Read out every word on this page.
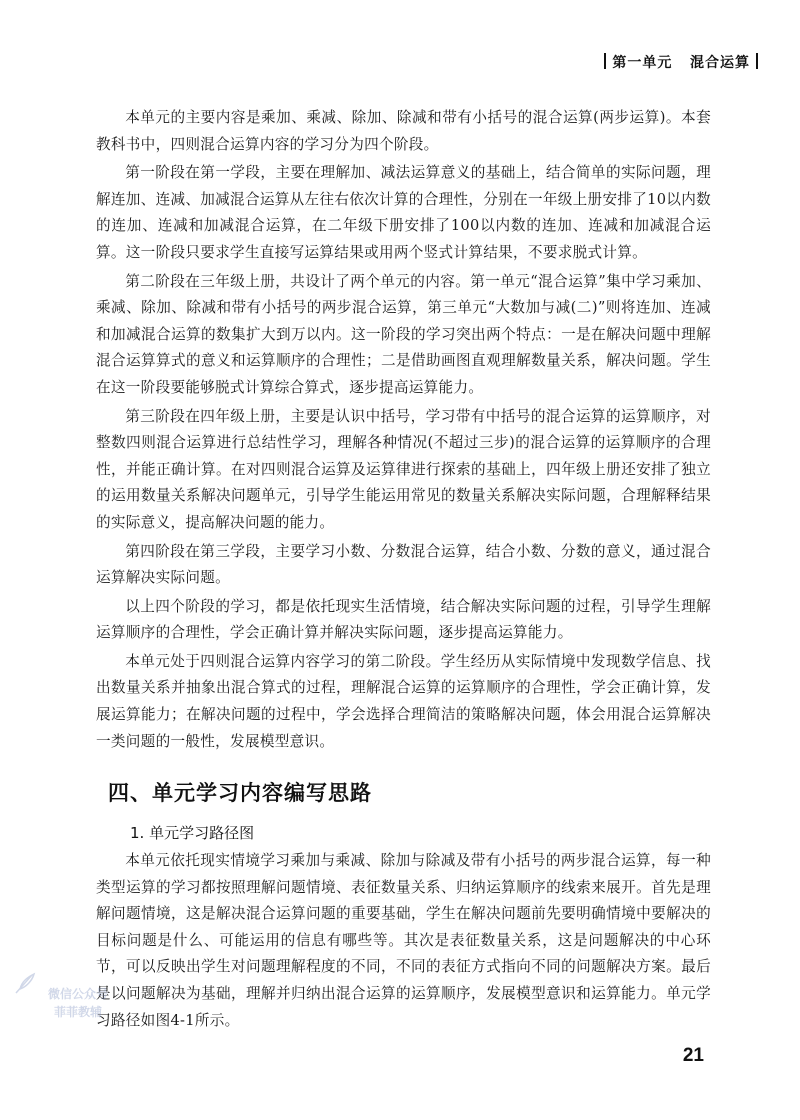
第一单元 混合运算

本单元的主要内容是乘加、乘减、除加、除减和带有小括号的混合运算(两步运算)。本套教科书中，四则混合运算内容的学习分为四个阶段。

第一阶段在第一学段，主要在理解加、减法运算意义的基础上，结合简单的实际问题，理解连加、连减、加减混合运算从左往右依次计算的合理性，分别在一年级上册安排了10以内数的连加、连减和加减混合运算，在二年级下册安排了100以内数的连加、连减和加减混合运算。这一阶段只要求学生直接写运算结果或用两个竖式计算结果，不要求脱式计算。

第二阶段在三年级上册，共设计了两个单元的内容。第一单元“混合运算”集中学习乘加、乘减、除加、除减和带有小括号的两步混合运算，第三单元“大数加与减(二)”则将连加、连减和加减混合运算的数集扩大到万以内。这一阶段的学习突出两个特点：一是在解决问题中理解混合运算算式的意义和运算顺序的合理性；二是借助画图直观理解数量关系，解决问题。学生在这一阶段要能够脱式计算综合算式，逐步提高运算能力。

第三阶段在四年级上册，主要是认识中括号，学习带有中括号的混合运算的运算顺序，对整数四则混合运算进行总结性学习，理解各种情况(不超过三步)的混合运算的运算顺序的合理性，并能正确计算。在对四则混合运算及运算律进行探索的基础上，四年级上册还安排了独立的运用数量关系解决问题单元，引导学生能运用常见的数量关系解决实际问题，合理解释结果的实际意义，提高解决问题的能力。

第四阶段在第三学段，主要学习小数、分数混合运算，结合小数、分数的意义，通过混合运算解决实际问题。

以上四个阶段的学习，都是依托现实生活情境，结合解决实际问题的过程，引导学生理解运算顺序的合理性，学会正确计算并解决实际问题，逐步提高运算能力。

本单元处于四则混合运算内容学习的第二阶段。学生经历从实际情境中发现数学信息、找出数量关系并抽象出混合算式的过程，理解混合运算的运算顺序的合理性，学会正确计算，发展运算能力；在解决问题的过程中，学会选择合理简洁的策略解决问题，体会用混合运算解决一类问题的一般性，发展模型意识。

四、单元学习内容编写思路
1. 单元学习路径图

本单元依托现实情境学习乘加与乘减、除加与除减及带有小括号的两步混合运算，每一种类型运算的学习都按照理解问题情境、表征数量关系、归纳运算顺序的线索来展开。首先是理解问题情境，这是解决混合运算问题的重要基础，学生在解决问题前先要明确情境中要解决的目标问题是什么、可能运用的信息有哪些等。其次是表征数量关系，这是问题解决的中心环节，可以反映出学生对问题理解程度的不同，不同的表征方式指向不同的问题解决方案。最后是以问题解决为基础，理解并归纳出混合运算的运算顺序，发展模型意识和运算能力。单元学习路径如图4-1所示。

微信公众号
菲菲教辅
21
